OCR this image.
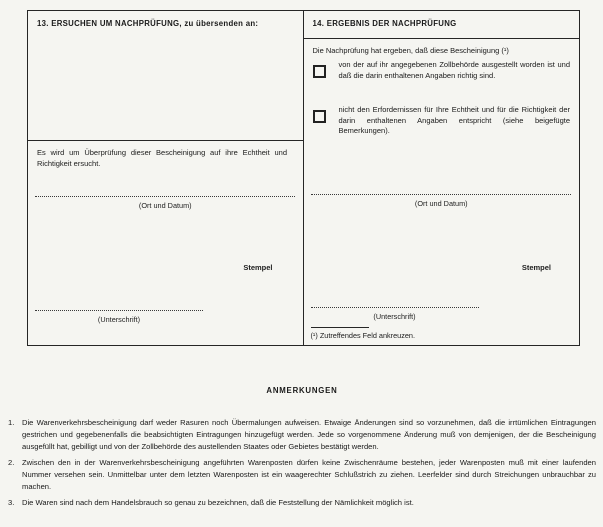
13. ERSUCHEN UM NACHPRÜFUNG, zu übersenden an:
Es wird um Überprüfung dieser Bescheinigung auf ihre Echtheit und Richtigkeit ersucht.
(Ort und Datum)
Stempel
(Unterschrift)
14. ERGEBNIS DER NACHPRÜFUNG
Die Nachprüfung hat ergeben, daß diese Bescheinigung (¹)
von der auf ihr angegebenen Zollbehörde ausgestellt worden ist und daß die darin enthaltenen Angaben richtig sind.
nicht den Erfordernissen für Ihre Echtheit und für die Richtigkeit der darin enthaltenen Angaben entspricht (siehe beigefügte Bemerkungen).
(Ort und Datum)
Stempel
(Unterschrift)
(¹) Zutreffendes Feld ankreuzen.
ANMERKUNGEN
1.	Die Warenverkehrsbescheinigung darf weder Rasuren noch Übermalungen aufweisen. Etwaige Änderungen sind so vorzunehmen, daß die irrtümlichen Eintragungen gestrichen und gegebenenfalls die beabsichtigten Eintragungen hinzugefügt werden. Jede so vorgenommene Änderung muß von demjenigen, der die Bescheinigung ausgefüllt hat, gebilligt und von der Zollbehörde des austellenden Staates oder Gebietes bestätigt werden.
2.	Zwischen den in der Warenverkehrsbescheinigung angeführten Warenposten dürfen keine Zwischenräume bestehen, jeder Warenposten muß mit einer laufenden Nummer versehen sein. Unmittelbar unter dem letzten Warenposten ist ein waagerechter Schlußstrich zu ziehen. Leerfelder sind durch Streichungen unbrauchbar zu machen.
3.	Die Waren sind nach dem Handelsbrauch so genau zu bezeichnen, daß die Feststellung der Nämlichkeit möglich ist.
